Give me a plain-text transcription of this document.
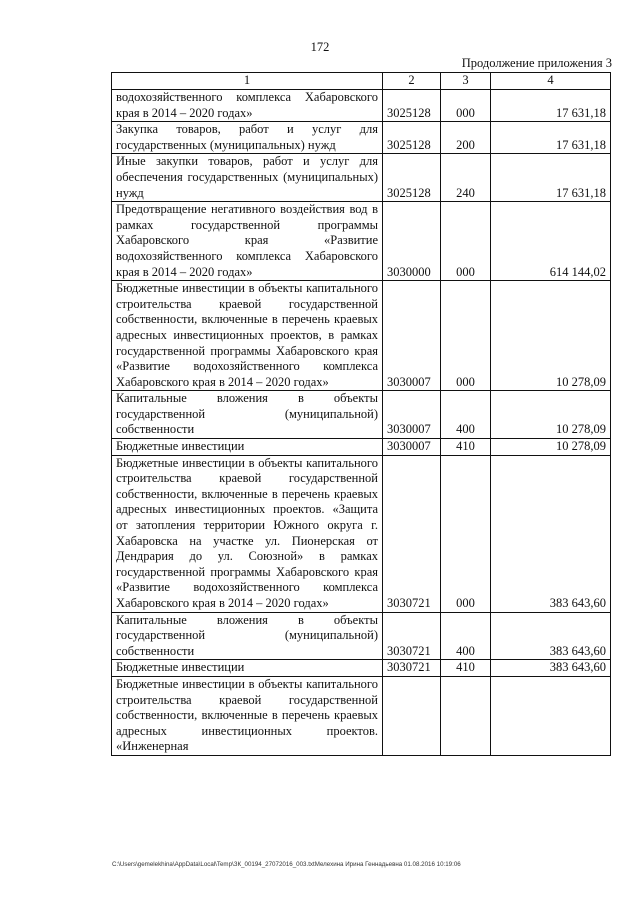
172
Продолжение приложения 3
1	2	3	4
водохозяйственного комплекса Хабаровского края в 2014 – 2020 годах»	3025128	000	17 631,18
Закупка товаров, работ и услуг для государственных (муниципальных) нужд	3025128	200	17 631,18
Иные закупки товаров, работ и услуг для обеспечения государственных (муниципальных) нужд	3025128	240	17 631,18
Предотвращение негативного воздействия вод в рамках государственной программы Хабаровского края «Развитие водохозяйственного комплекса Хабаровского края в 2014 – 2020 годах»	3030000	000	614 144,02
Бюджетные инвестиции в объекты капитального строительства краевой государственной собственности, включенные в перечень краевых адресных инвестиционных проектов, в рамках государственной программы Хабаровского края «Развитие водохозяйственного комплекса Хабаровского края в 2014 – 2020 годах»	3030007	000	10 278,09
Капитальные вложения в объекты государственной (муниципальной) собственности	3030007	400	10 278,09
Бюджетные инвестиции	3030007	410	10 278,09
Бюджетные инвестиции в объекты капитального строительства краевой государственной собственности, включенные в перечень краевых адресных инвестиционных проектов. «Защита от затопления территории Южного округа г. Хабаровска на участке ул. Пионерская от Дендрария до ул. Союзной» в рамках государственной программы Хабаровского края «Развитие водохозяйственного комплекса Хабаровского края в 2014 – 2020 годах»	3030721	000	383 643,60
Капитальные вложения в объекты государственной (муниципальной) собственности	3030721	400	383 643,60
Бюджетные инвестиции	3030721	410	383 643,60
Бюджетные инвестиции в объекты капитального строительства краевой государственной собственности, включенные в перечень краевых адресных инвестиционных проектов. «Инженерная			
C:\Users\gemelekhina\AppData\Local\Temp\ЗК_00194_27072016_003.txtМелехина Ирина Геннадьевна 01.08.2016 10:19:06
